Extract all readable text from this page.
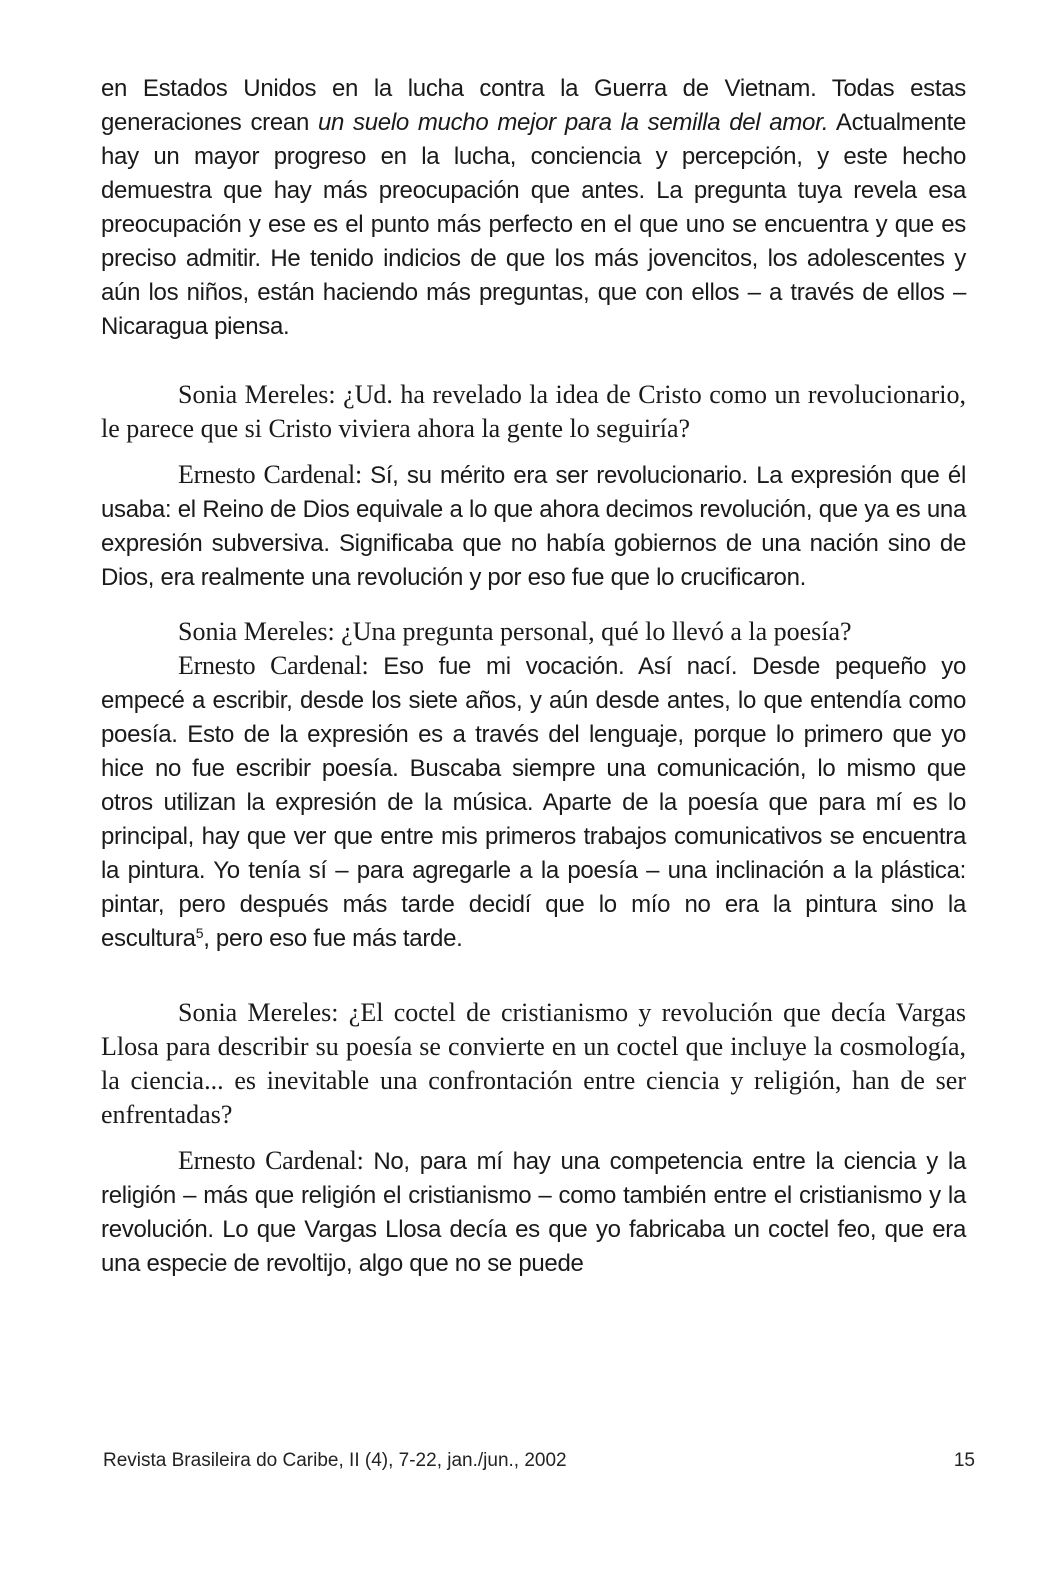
en Estados Unidos en la lucha contra la Guerra de Vietnam. Todas estas generaciones crean un suelo mucho mejor para la semilla del amor. Actualmente hay un mayor progreso en la lucha, conciencia y percepción, y este hecho demuestra que hay más preocupación que antes. La pregunta tuya revela esa preocupación y ese es el punto más perfecto en el que uno se encuentra y que es preciso admitir. He tenido indicios de que los más jovencitos, los adolescentes y aún los niños, están haciendo más preguntas, que con ellos – a través de ellos – Nicaragua piensa.

Sonia Mereles: ¿Ud. ha revelado la idea de Cristo como un revolucionario, le parece que si Cristo viviera ahora la gente lo seguiría?

Ernesto Cardenal: Sí, su mérito era ser revolucionario. La expresión que él usaba: el Reino de Dios equivale a lo que ahora decimos revolución, que ya es una expresión subversiva. Significaba que no había gobiernos de una nación sino de Dios, era realmente una revolución y por eso fue que lo crucificaron.

Sonia Mereles: ¿Una pregunta personal, qué lo llevó a la poesía?

Ernesto Cardenal: Eso fue mi vocación. Así nací. Desde pequeño yo empecé a escribir, desde los siete años, y aún desde antes, lo que entendía como poesía. Esto de la expresión es a través del lenguaje, porque lo primero que yo hice no fue escribir poesía. Buscaba siempre una comunicación, lo mismo que otros utilizan la expresión de la música. Aparte de la poesía que para mí es lo principal, hay que ver que entre mis primeros trabajos comunicativos se encuentra la pintura. Yo tenía sí – para agregarle a la poesía – una inclinación a la plástica: pintar, pero después más tarde decidí que lo mío no era la pintura sino la escultura$^5$, pero eso fue más tarde.

Sonia Mereles: ¿El coctel de cristianismo y revolución que decía Vargas Llosa para describir su poesía se convierte en un coctel que incluye la cosmología, la ciencia... es inevitable una confrontación entre ciencia y religión, han de ser enfrentadas?

Ernesto Cardenal: No, para mí hay una competencia entre la ciencia y la religión – más que religión el cristianismo – como también entre el cristianismo y la revolución. Lo que Vargas Llosa decía es que yo fabricaba un coctel feo, que era una especie de revoltijo, algo que no se puede

Revista Brasileira do Caribe, II (4), 7-22, jan./jun., 2002	15
